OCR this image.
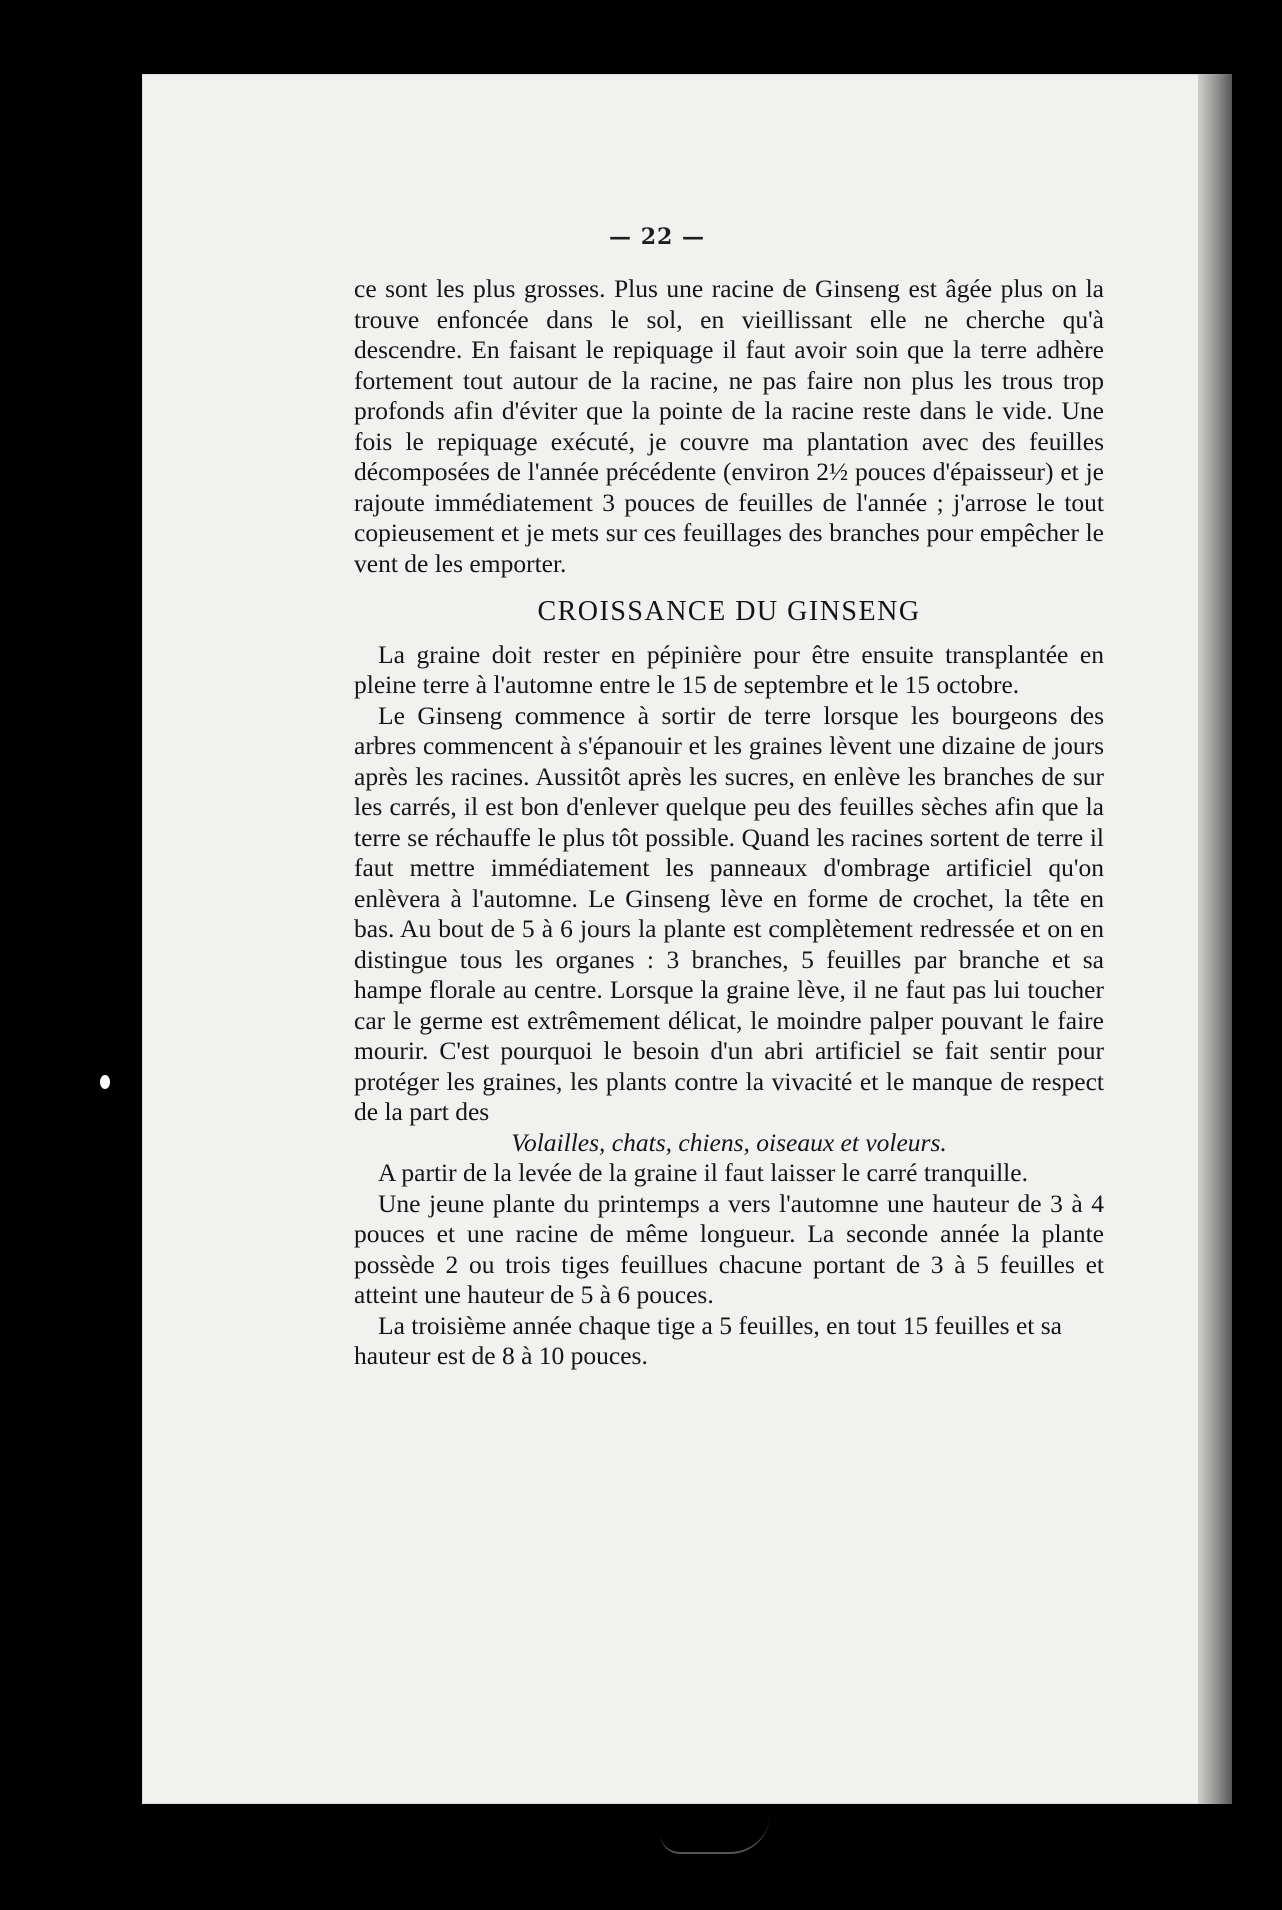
— 22 —

ce sont les plus grosses. Plus une racine de Ginseng est âgée plus on la trouve enfoncée dans le sol, en vieillissant elle ne cherche qu'à descendre. En faisant le repiquage il faut avoir soin que la terre adhère fortement tout autour de la racine, ne pas faire non plus les trous trop profonds afin d'éviter que la pointe de la racine reste dans le vide. Une fois le repiquage exécuté, je couvre ma plantation avec des feuilles décomposées de l'année précédente (environ 2½ pouces d'épaisseur) et je rajoute immédiatement 3 pouces de feuilles de l'année ; j'arrose le tout copieusement et je mets sur ces feuillages des branches pour empêcher le vent de les emporter.

CROISSANCE DU GINSENG

La graine doit rester en pépinière pour être ensuite transplantée en pleine terre à l'automne entre le 15 de septembre et le 15 octobre.

Le Ginseng commence à sortir de terre lorsque les bourgeons des arbres commencent à s'épanouir et les graines lèvent une dizaine de jours après les racines. Aussitôt après les sucres, en enlève les branches de sur les carrés, il est bon d'enlever quelque peu des feuilles sèches afin que la terre se réchauffe le plus tôt possible. Quand les racines sortent de terre il faut mettre immédiatement les panneaux d'ombrage artificiel qu'on enlèvera à l'automne. Le Ginseng lève en forme de crochet, la tête en bas. Au bout de 5 à 6 jours la plante est complètement redressée et on en distingue tous les organes : 3 branches, 5 feuilles par branche et sa hampe florale au centre. Lorsque la graine lève, il ne faut pas lui toucher car le germe est extrêmement délicat, le moindre palper pouvant le faire mourir. C'est pourquoi le besoin d'un abri artificiel se fait sentir pour protéger les graines, les plants contre la vivacité et le manque de respect de la part des

Volailles, chats, chiens, oiseaux et voleurs.

A partir de la levée de la graine il faut laisser le carré tranquille.

Une jeune plante du printemps a vers l'automne une hauteur de 3 à 4 pouces et une racine de même longueur. La seconde année la plante possède 2 ou trois tiges feuillues chacune portant de 3 à 5 feuilles et atteint une hauteur de 5 à 6 pouces.

La troisième année chaque tige a 5 feuilles, en tout 15 feuilles et sa hauteur est de 8 à 10 pouces.
